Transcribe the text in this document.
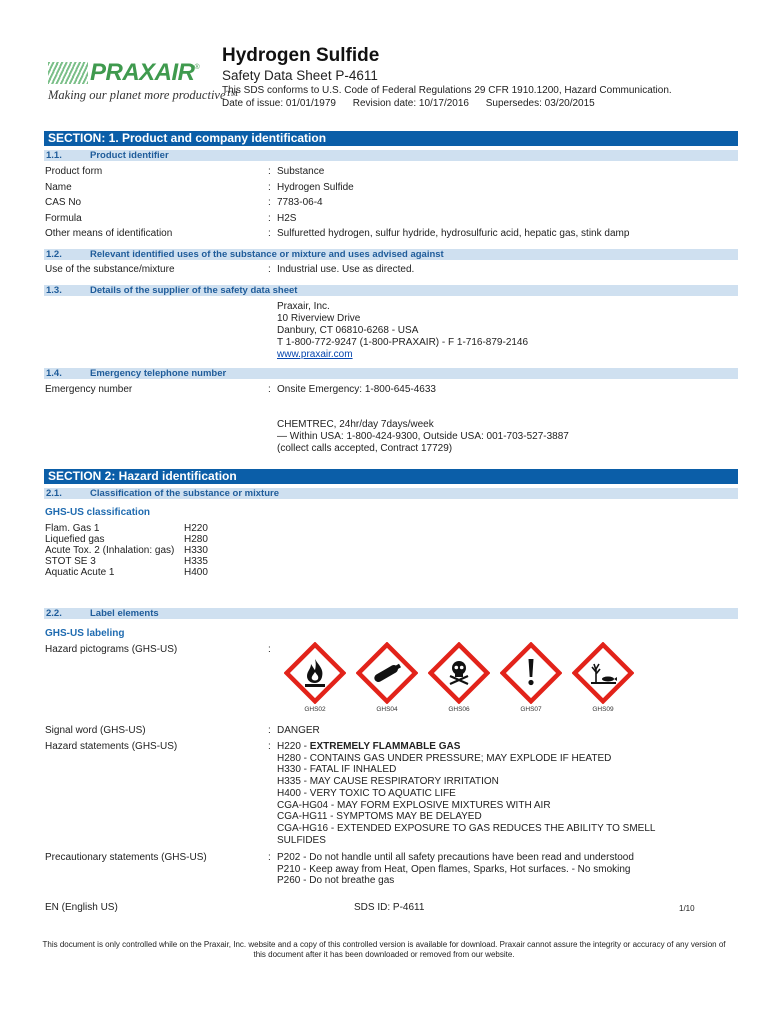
PRAXAIR ®
Making our planet more productive™
Hydrogen Sulfide
Safety Data Sheet P-4611
This SDS conforms to U.S. Code of Federal Regulations 29 CFR 1910.1200, Hazard Communication.
Date of issue: 01/01/1979 Revision date: 10/17/2016 Supersedes: 03/20/2015
SECTION: 1. Product and company identification
1.1.	Product identifier
Product form	: Substance
Name	: Hydrogen Sulfide
CAS No	: 7783-06-4
Formula	: H2S
Other means of identification	: Sulfuretted hydrogen, sulfur hydride, hydrosulfuric acid, hepatic gas, stink damp
1.2.	Relevant identified uses of the substance or mixture and uses advised against
Use of the substance/mixture	: Industrial use. Use as directed.
1.3.	Details of the supplier of the safety data sheet
Praxair, Inc.
10 Riverview Drive
Danbury, CT 06810-6268 - USA
T 1-800-772-9247 (1-800-PRAXAIR) - F 1-716-879-2146
www.praxair.com
1.4.	Emergency telephone number
Emergency number	: Onsite Emergency: 1-800-645-4633
CHEMTREC, 24hr/day 7days/week
— Within USA: 1-800-424-9300, Outside USA: 001-703-527-3887
(collect calls accepted, Contract 17729)
SECTION 2: Hazard identification
2.1.	Classification of the substance or mixture
GHS-US classification
Flam. Gas 1	H220
Liquefied gas	H280
Acute Tox. 2 (Inhalation: gas) H330
STOT SE 3	H335
Aquatic Acute 1	H400
2.2.	Label elements
GHS-US labeling
Hazard pictograms (GHS-US)	:
GHS02	GHS04	GHS06	GHS07	GHS09
Signal word (GHS-US)	: DANGER
Hazard statements (GHS-US)	: H220 - EXTREMELY FLAMMABLE GAS
H280 - CONTAINS GAS UNDER PRESSURE; MAY EXPLODE IF HEATED
H330 - FATAL IF INHALED
H335 - MAY CAUSE RESPIRATORY IRRITATION
H400 - VERY TOXIC TO AQUATIC LIFE
CGA-HG04 - MAY FORM EXPLOSIVE MIXTURES WITH AIR
CGA-HG11 - SYMPTOMS MAY BE DELAYED
CGA-HG16 - EXTENDED EXPOSURE TO GAS REDUCES THE ABILITY TO SMELL
SULFIDES
Precautionary statements (GHS-US)	: P202 - Do not handle until all safety precautions have been read and understood
P210 - Keep away from Heat, Open flames, Sparks, Hot surfaces. - No smoking
P260 - Do not breathe gas
EN (English US)	SDS ID: P-4611	1/10
This document is only controlled while on the Praxair, Inc. website and a copy of this controlled version is available for download. Praxair cannot assure the integrity or accuracy of any version of this document after it has been downloaded or removed from our website.
